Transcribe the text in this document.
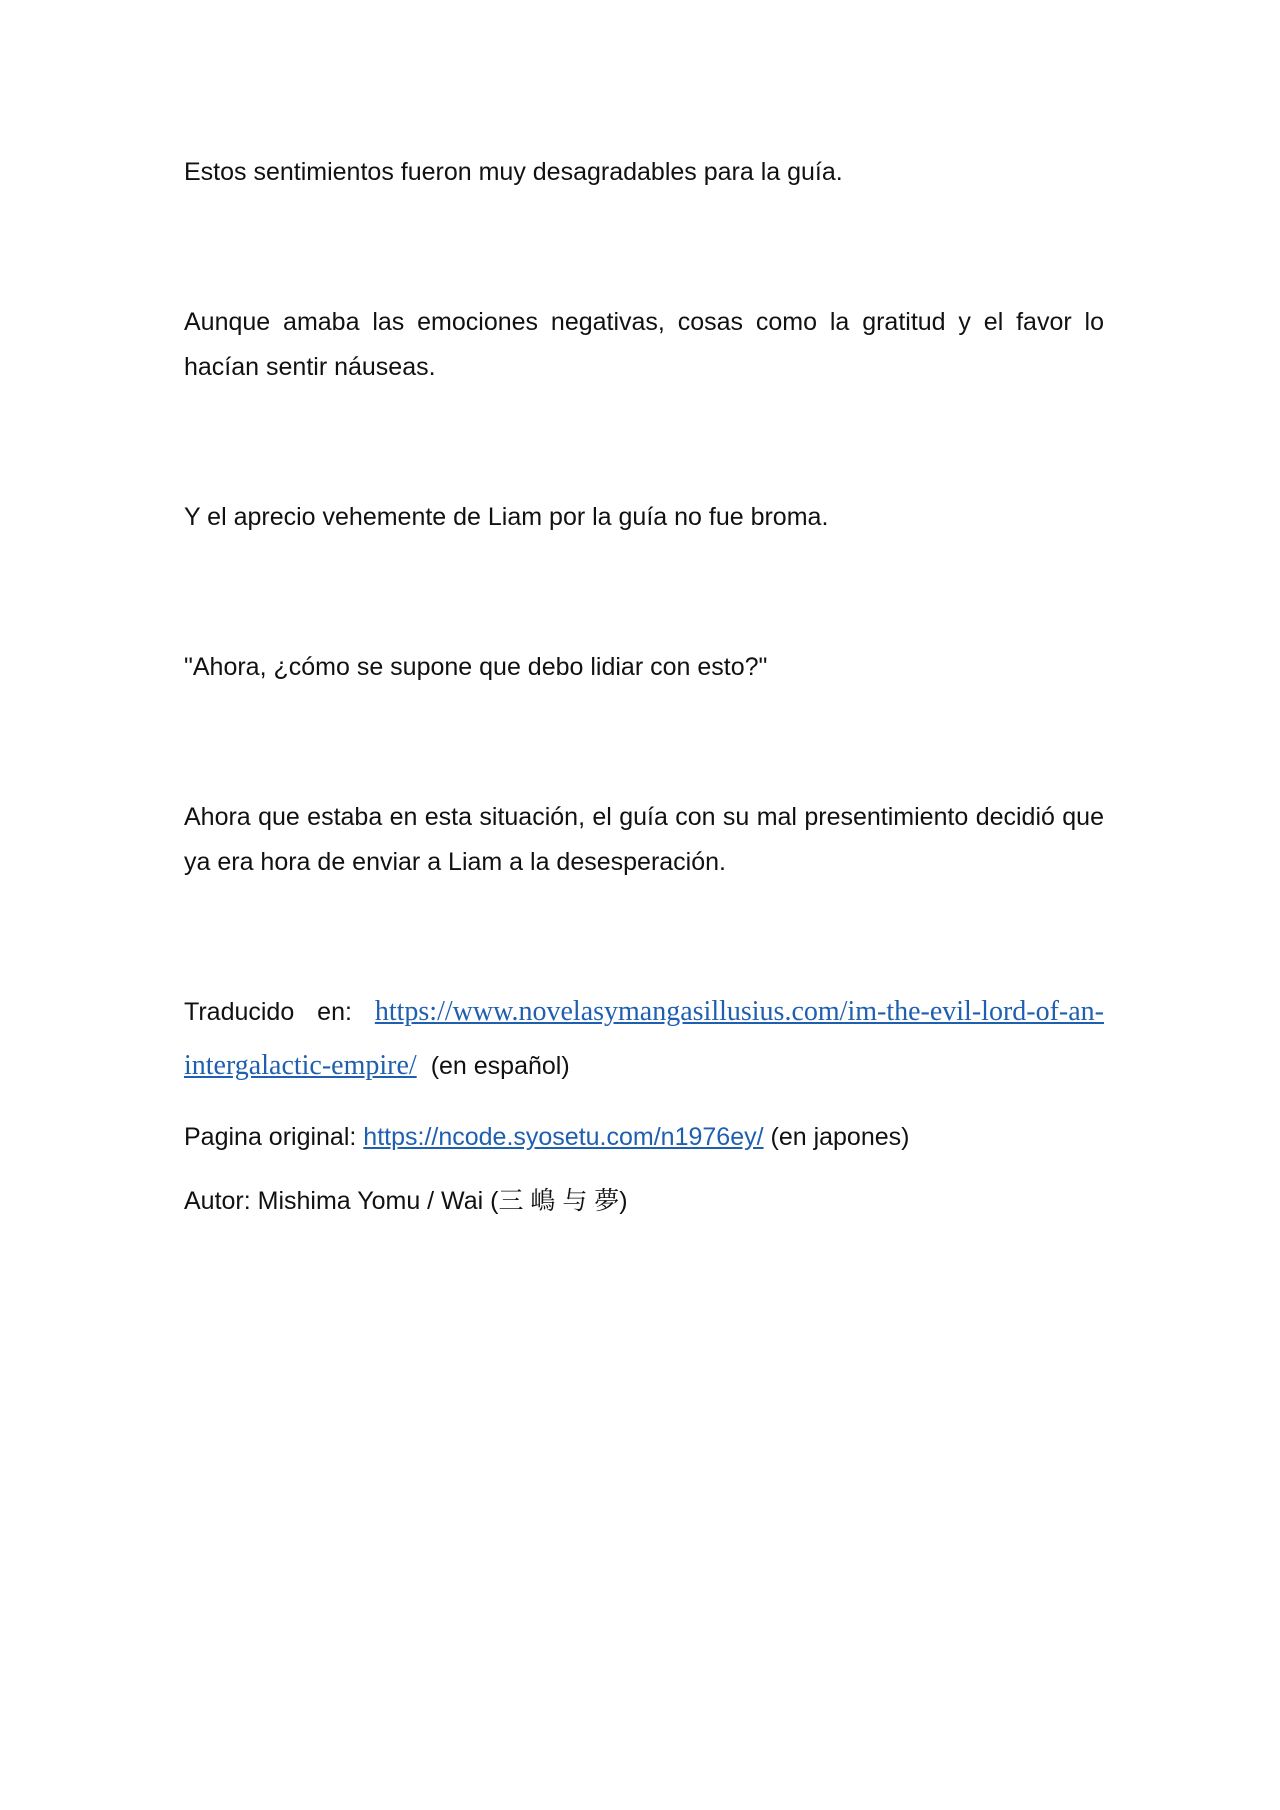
Estos sentimientos fueron muy desagradables para la guía.

Aunque amaba las emociones negativas, cosas como la gratitud y el favor lo hacían sentir náuseas.

Y el aprecio vehemente de Liam por la guía no fue broma.

"Ahora, ¿cómo se supone que debo lidiar con esto?"

Ahora que estaba en esta situación, el guía con su mal presentimiento decidió que ya era hora de enviar a Liam a la desesperación.

Traducido en: https://www.novelasymangasillusius.com/im-the-evil-lord-of-an-intergalactic-empire/ (en español)

Pagina original: https://ncode.syosetu.com/n1976ey/ (en japones)

Autor: Mishima Yomu / Wai (三 嶋 与 夢)
